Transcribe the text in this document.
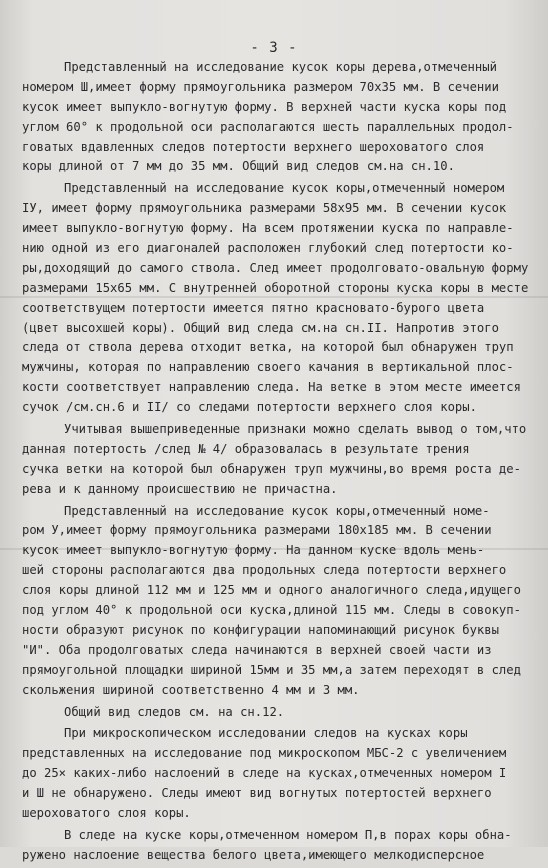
- 3 -
Представленный на исследование кусок коры дерева,отмеченный
номером Ш,имеет форму прямоугольника размером 70х35 мм. В сечении
кусок имеет выпукло-вогнутую форму. В верхней части куска коры под
углом 60° к продольной оси располагаются шесть параллельных продол-
говатых вдавленных следов потертости верхнего шероховатого слоя
коры длиной от 7 мм до 35 мм. Общий вид следов см.на сн.10.
Представленный на исследование кусок коры,отмеченный номером
IУ, имеет форму прямоугольника размерами 58х95 мм. В сечении кусок
имеет выпукло-вогнутую форму. На всем протяжении куска по направле-
нию одной из его диагоналей расположен глубокий след потертости ко-
ры,доходящий до самого ствола. След имеет продолговато-овальную форму
размерами 15х65 мм. С внутренней оборотной стороны куска коры в месте
соответствущем потертости имеется пятно красновато-бурого цвета
(цвет высохшей коры). Общий вид следа см.на сн.II. Напротив этого
следа от ствола дерева отходит ветка, на которой был обнаружен труп
мужчины, которая по направлению своего качания в вертикальной плос-
кости соответствует направлению следа. На ветке в этом месте имеется
сучок /см.сн.6 и II/ со следами потертости верхнего слоя коры.
Учитывая вышеприведенные признаки можно сделать вывод о том,что
данная потертость /след № 4/ образовалась в результате трения
сучка ветки на которой был обнаружен труп мужчины,во время роста де-
рева и к данному происшествию не причастна.
Представленный на исследование кусок коры,отмеченный номе-
ром У,имеет форму прямоугольника размерами 180х185 мм. В сечении
кусок имеет выпукло-вогнутую форму. На данном куске вдоль мень-
шей стороны располагаются два продольных следа потертости верхнего
слоя коры длиной 112 мм и 125 мм и одного аналогичного следа,идущего
под углом 40° к продольной оси куска,длиной 115 мм. Следы в совокуп-
ности образуют рисунок по конфигурации напоминающий рисунок буквы
"И". Оба продолговатых следа начинаются в верхней своей части из
прямоугольной площадки шириной 15мм и 35 мм,а затем переходят в след
скольжения шириной соответственно 4 мм и 3 мм.
Общий вид следов см. на сн.12.
При микроскопическом исследовании следов на кусках коры
представленных на исследование под микроскопом МБС-2 с увеличением
до 25× каких-либо наслоений в следе на кусках,отмеченных номером I
и Ш не обнаружено. Следы имеют вид вогнутых потертостей верхнего
шероховатого слоя коры.
В следе на куске коры,отмеченном номером П,в порах коры обна-
ружено наслоение вещества белого цвета,имеющего мелкодисперсное
